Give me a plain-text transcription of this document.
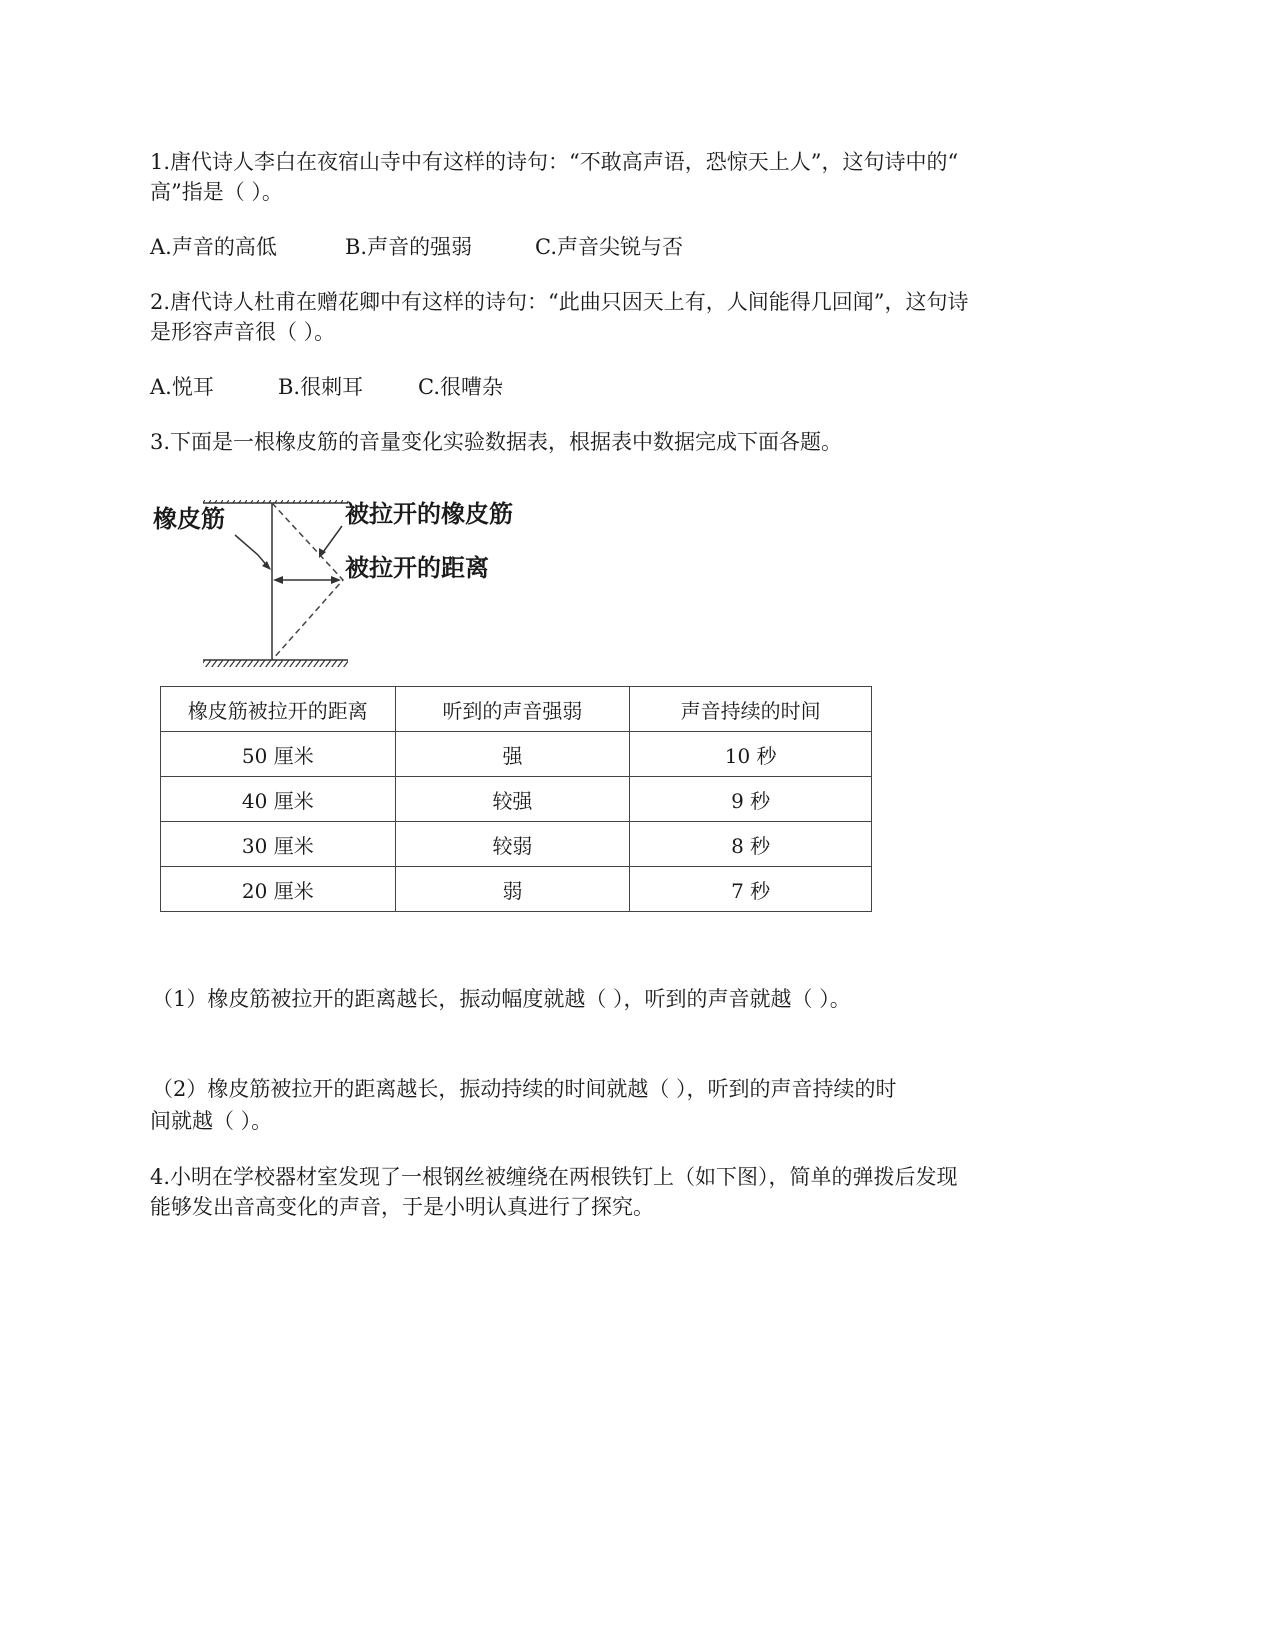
1.唐代诗人李白在夜宿山寺中有这样的诗句：“不敢高声语，恐惊天上人”，这句诗中的“
高”指是（ ）。
A.声音的高低	B.声音的强弱	C.声音尖锐与否
2.唐代诗人杜甫在赠花卿中有这样的诗句：“此曲只因天上有，人间能得几回闻”，这句诗
是形容声音很（ ）。
A.悦耳	B.很刺耳	C.很嘈杂
3.下面是一根橡皮筋的音量变化实验数据表，根据表中数据完成下面各题。
橡皮筋	被拉开的橡皮筋
被拉开的距离
橡皮筋被拉开的距离	听到的声音强弱	声音持续的时间
50 厘米	强	10 秒
40 厘米	较强	9 秒
30 厘米	较弱	8 秒
20 厘米	弱	7 秒
（1）橡皮筋被拉开的距离越长，振动幅度就越（ ），听到的声音就越（ ）。
（2）橡皮筋被拉开的距离越长，振动持续的时间就越（ ），听到的声音持续的时
间就越（ ）。
4.小明在学校器材室发现了一根钢丝被缠绕在两根铁钉上（如下图），简单的弹拨后发现
能够发出音高变化的声音，于是小明认真进行了探究。
